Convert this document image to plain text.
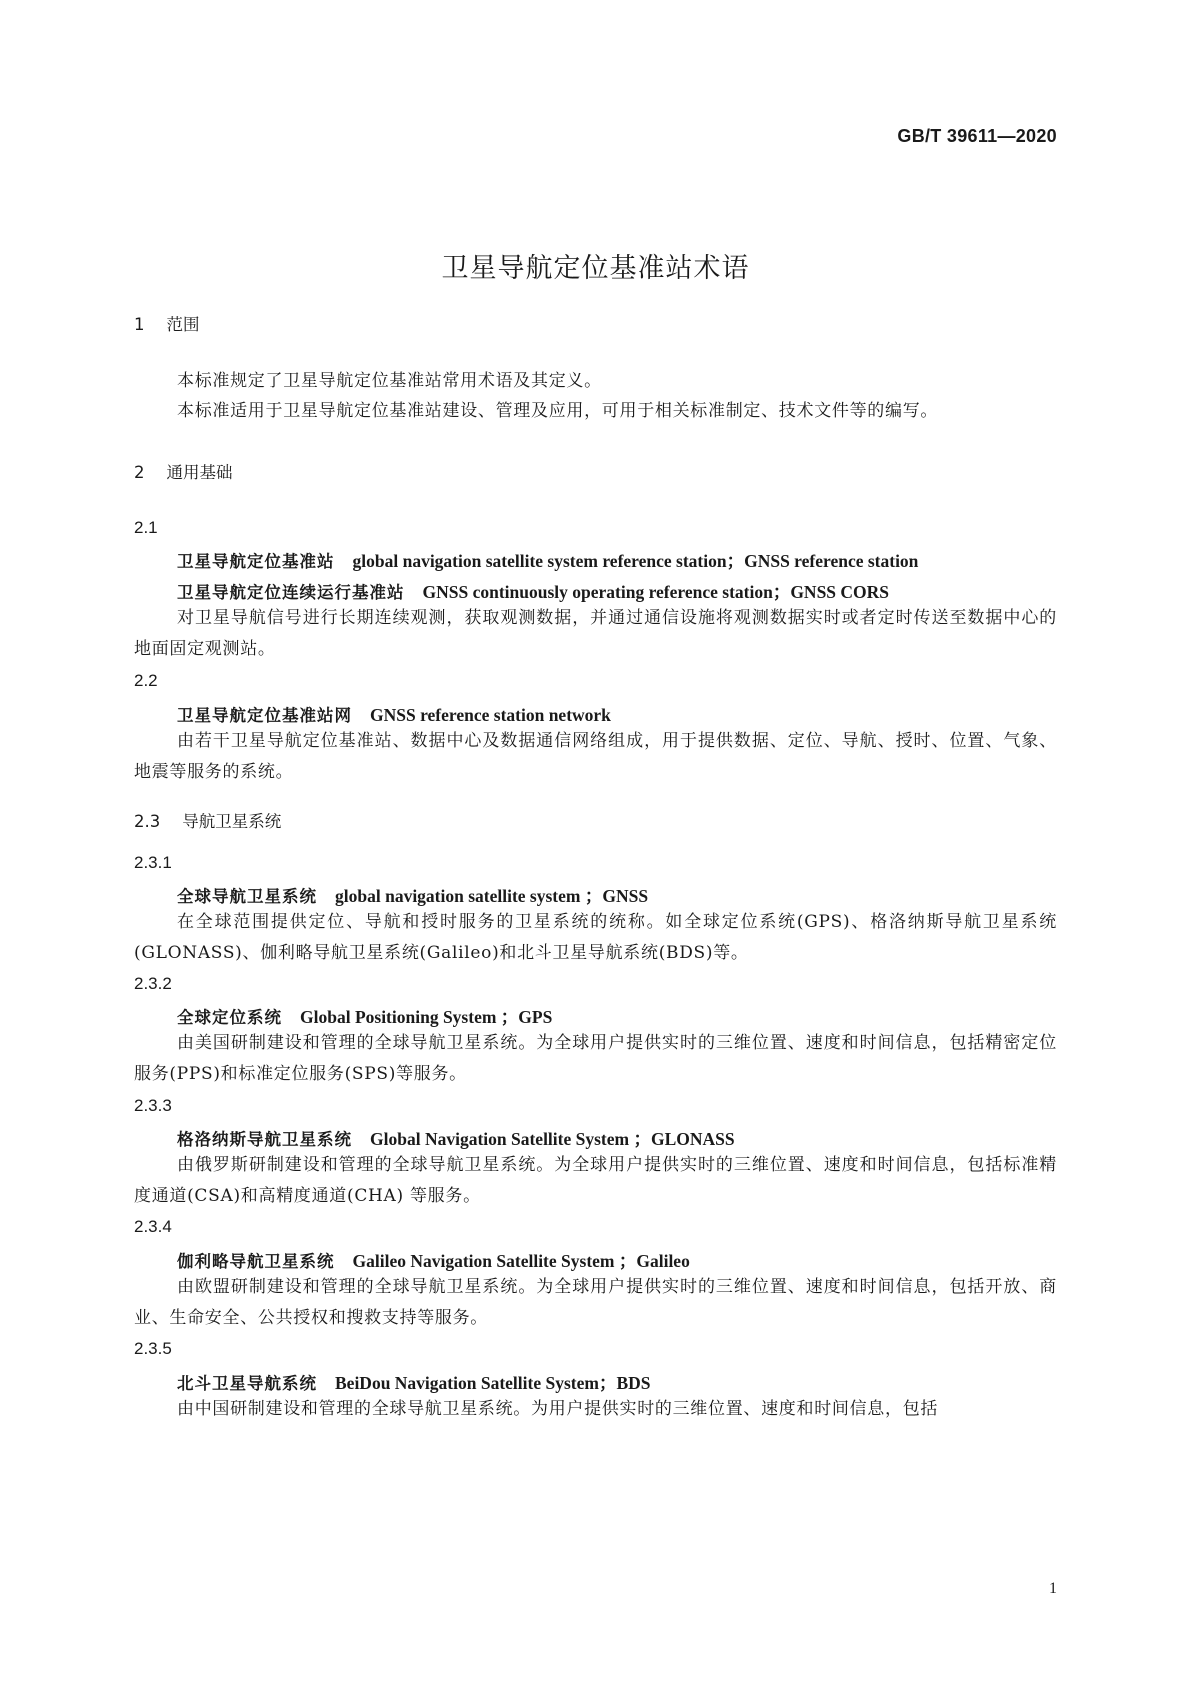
GB/T 39611—2020
卫星导航定位基准站术语
1 范围
本标准规定了卫星导航定位基准站常用术语及其定义。
本标准适用于卫星导航定位基准站建设、管理及应用，可用于相关标准制定、技术文件等的编写。
2 通用基础
2.1
卫星导航定位基准站 global navigation satellite system reference station；GNSS reference station
卫星导航定位连续运行基准站 GNSS continuously operating reference station；GNSS CORS
对卫星导航信号进行长期连续观测，获取观测数据，并通过通信设施将观测数据实时或者定时传送至数据中心的地面固定观测站。
2.2
卫星导航定位基准站网 GNSS reference station network
由若干卫星导航定位基准站、数据中心及数据通信网络组成，用于提供数据、定位、导航、授时、位置、气象、地震等服务的系统。
2.3 导航卫星系统
2.3.1
全球导航卫星系统 global navigation satellite system ；GNSS
在全球范围提供定位、导航和授时服务的卫星系统的统称。如全球定位系统(GPS)、格洛纳斯导航卫星系统(GLONASS)、伽利略导航卫星系统(Galileo)和北斗卫星导航系统(BDS)等。
2.3.2
全球定位系统 Global Positioning System ；GPS
由美国研制建设和管理的全球导航卫星系统。为全球用户提供实时的三维位置、速度和时间信息，包括精密定位服务(PPS)和标准定位服务(SPS)等服务。
2.3.3
格洛纳斯导航卫星系统 Global Navigation Satellite System ；GLONASS
由俄罗斯研制建设和管理的全球导航卫星系统。为全球用户提供实时的三维位置、速度和时间信息，包括标准精度通道(CSA)和高精度通道(CHA) 等服务。
2.3.4
伽利略导航卫星系统 Galileo Navigation Satellite System ；Galileo
由欧盟研制建设和管理的全球导航卫星系统。为全球用户提供实时的三维位置、速度和时间信息，包括开放、商业、生命安全、公共授权和搜救支持等服务。
2.3.5
北斗卫星导航系统 BeiDou Navigation Satellite System；BDS
由中国研制建设和管理的全球导航卫星系统。为用户提供实时的三维位置、速度和时间信息，包括
1
